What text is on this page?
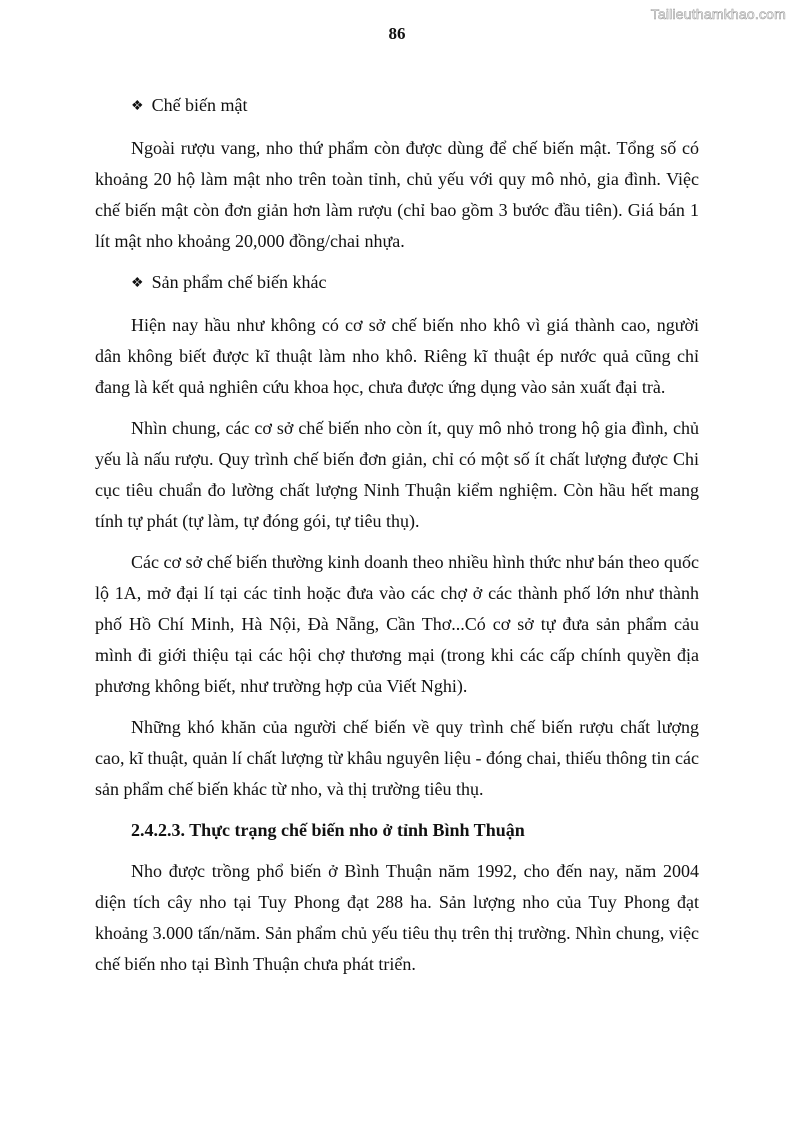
Tailieuthamkhao.com
86

❖ Chế biến mật

Ngoài rượu vang, nho thứ phẩm còn được dùng để chế biến mật. Tổng số có khoảng 20 hộ làm mật nho trên toàn tỉnh, chủ yếu với quy mô nhỏ, gia đình. Việc chế biến mật còn đơn giản hơn làm rượu (chỉ bao gồm 3 bước đầu tiên). Giá bán 1 lít mật nho khoảng 20,000 đồng/chai nhựa.

❖ Sản phẩm chế biến khác

Hiện nay hầu như không có cơ sở chế biến nho khô vì giá thành cao, người dân không biết được kĩ thuật làm nho khô. Riêng kĩ thuật ép nước quả cũng chỉ đang là kết quả nghiên cứu khoa học, chưa được ứng dụng vào sản xuất đại trà.

Nhìn chung, các cơ sở chế biến nho còn ít, quy mô nhỏ trong hộ gia đình, chủ yếu là nấu rượu. Quy trình chế biến đơn giản, chỉ có một số ít chất lượng được Chi cục tiêu chuẩn đo lường chất lượng Ninh Thuận kiểm nghiệm. Còn hầu hết mang tính tự phát (tự làm, tự đóng gói, tự tiêu thụ).

Các cơ sở chế biến thường kinh doanh theo nhiều hình thức như bán theo quốc lộ 1A, mở đại lí tại các tỉnh hoặc đưa vào các chợ ở các thành phố lớn như thành phố Hồ Chí Minh, Hà Nội, Đà Nẵng, Cần Thơ...Có cơ sở tự đưa sản phẩm cảu mình đi giới thiệu tại các hội chợ thương mại (trong khi các cấp chính quyền địa phương không biết, như trường hợp của Viết Nghi).

Những khó khăn của người chế biến về quy trình chế biến rượu chất lượng cao, kĩ thuật, quản lí chất lượng từ khâu nguyên liệu - đóng chai, thiếu thông tin các sản phẩm chế biến khác từ nho, và thị trường tiêu thụ.

2.4.2.3. Thực trạng chế biến nho ở tỉnh Bình Thuận

Nho được trồng phổ biến ở Bình Thuận năm 1992, cho đến nay, năm 2004 diện tích cây nho tại Tuy Phong đạt 288 ha. Sản lượng nho của Tuy Phong đạt khoảng 3.000 tấn/năm. Sản phẩm chủ yếu tiêu thụ trên thị trường. Nhìn chung, việc chế biến nho tại Bình Thuận chưa phát triển.
